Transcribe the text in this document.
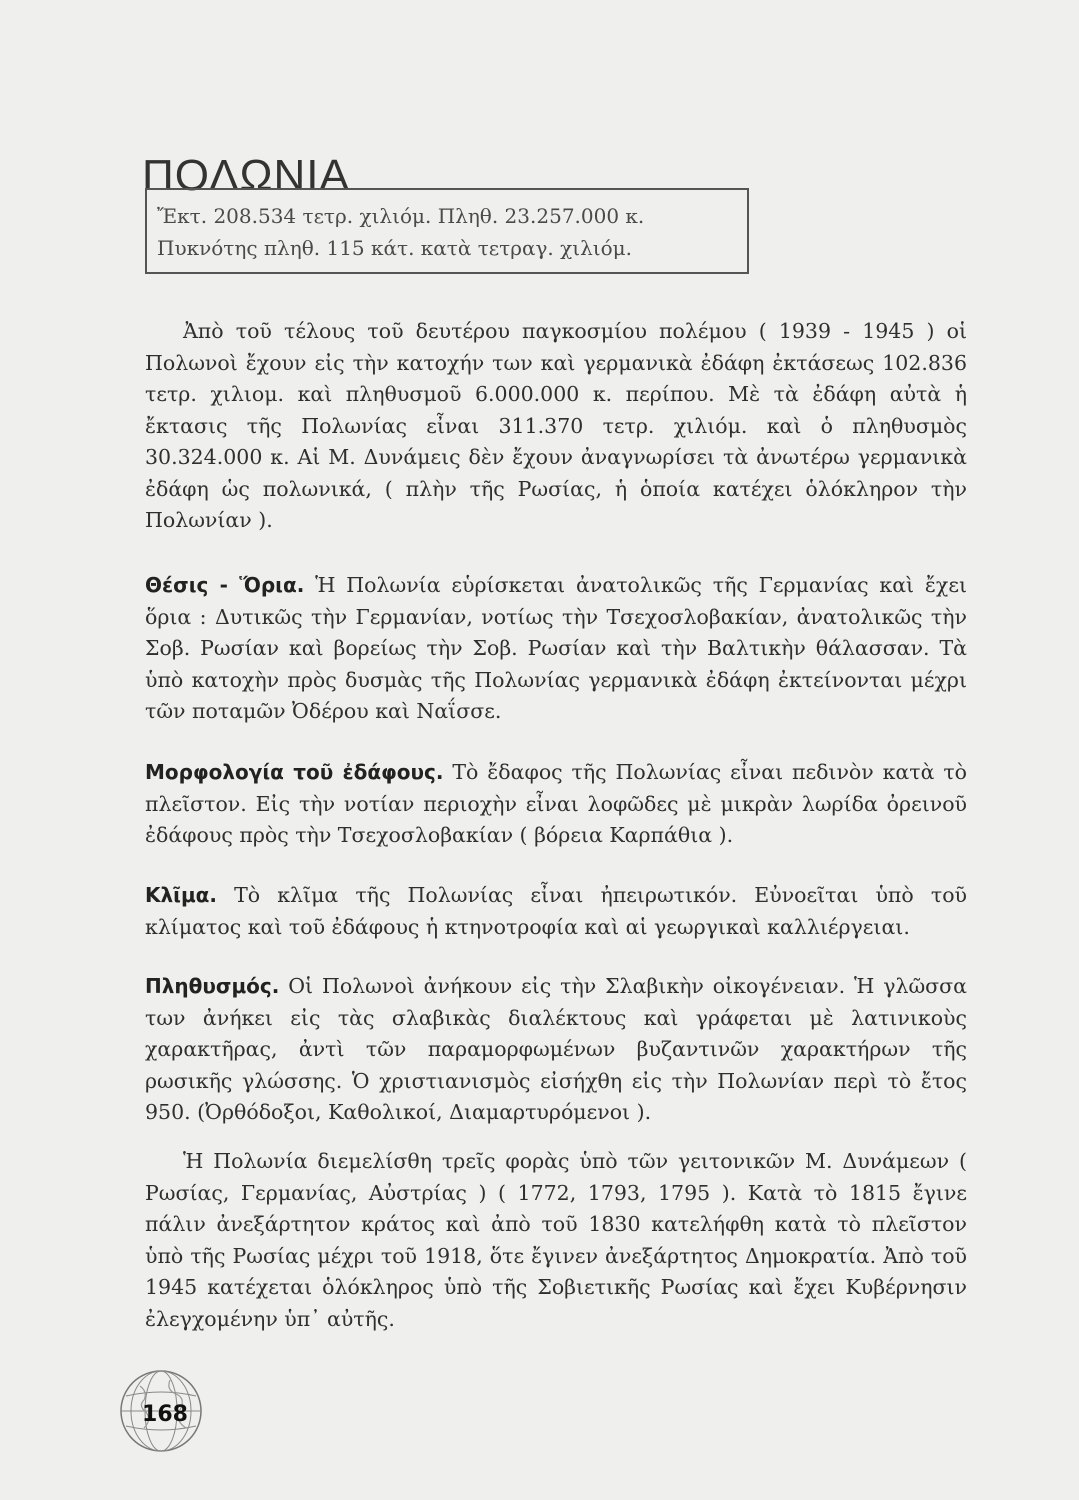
ΠΟΛΩΝΙΑ
Ἔκτ. 208.534 τετρ. χιλιόμ. Πληθ. 23.257.000 κ.
Πυκνότης πληθ. 115 κάτ. κατὰ τετραγ. χιλιόμ.

Ἀπὸ τοῦ τέλους τοῦ δευτέρου παγκοσμίου πολέμου ( 1939 - 1945 ) οἱ Πολωνοὶ ἔχουν εἰς τὴν κατοχήν των καὶ γερμανικὰ ἐδάφη ἐκτάσεως 102.836 τετρ. χιλιομ. καὶ πληθυσμοῦ 6.000.000 κ. περίπου. Μὲ τὰ ἐδάφη αὐτὰ ἡ ἔκτασις τῆς Πολωνίας εἶναι 311.370 τετρ. χιλιόμ. καὶ ὁ πληθυσμὸς 30.324.000 κ. Αἱ Μ. Δυνάμεις δὲν ἔχουν ἀναγνωρίσει τὰ ἀνωτέρω γερμανικὰ ἐδάφη ὡς πολωνικά, ( πλὴν τῆς Ρωσίας, ἡ ὁποία κατέχει ὁλόκληρον τὴν Πολωνίαν ).

Θέσις - Ὅρια. Ἡ Πολωνία εὑρίσκεται ἀνατολικῶς τῆς Γερμανίας καὶ ἔχει ὅρια : Δυτικῶς τὴν Γερμανίαν, νοτίως τὴν Τσεχοσλοβακίαν, ἀνατολικῶς τὴν Σοβ. Ρωσίαν καὶ βορείως τὴν Σοβ. Ρωσίαν καὶ τὴν Βαλτικὴν θάλασσαν. Τὰ ὑπὸ κατοχὴν πρὸς δυσμὰς τῆς Πολωνίας γερμανικὰ ἐδάφη ἐκτείνονται μέχρι τῶν ποταμῶν Ὀδέρου καὶ Ναΐσσε.

Μορφολογία τοῦ ἐδάφους. Τὸ ἔδαφος τῆς Πολωνίας εἶναι πεδινὸν κατὰ τὸ πλεῖστον. Εἰς τὴν νοτίαν περιοχὴν εἶναι λοφῶδες μὲ μικρὰν λωρίδα ὀρεινοῦ ἐδάφους πρὸς τὴν Τσεχοσλοβακίαν ( βόρεια Καρπάθια ).

Κλῖμα. Τὸ κλῖμα τῆς Πολωνίας εἶναι ἠπειρωτικόν. Εὐνοεῖται ὑπὸ τοῦ κλίματος καὶ τοῦ ἐδάφους ἡ κτηνοτροφία καὶ αἱ γεωργικαὶ καλλιέργειαι.

Πληθυσμός. Οἱ Πολωνοὶ ἀνήκουν εἰς τὴν Σλαβικὴν οἰκογένειαν. Ἡ γλῶσσα των ἀνήκει εἰς τὰς σλαβικὰς διαλέκτους καὶ γράφεται μὲ λατινικοὺς χαρακτῆρας, ἀντὶ τῶν παραμορφωμένων βυζαντινῶν χαρακτήρων τῆς ρωσικῆς γλώσσης. Ὁ χριστιανισμὸς εἰσήχθη εἰς τὴν Πολωνίαν περὶ τὸ ἔτος 950. (Ὀρθόδοξοι, Καθολικοί, Διαμαρτυρόμενοι ).

Ἡ Πολωνία διεμελίσθη τρεῖς φορὰς ὑπὸ τῶν γειτονικῶν Μ. Δυνάμεων ( Ρωσίας, Γερμανίας, Αὐστρίας ) ( 1772, 1793, 1795 ). Κατὰ τὸ 1815 ἔγινε πάλιν ἀνεξάρτητον κράτος καὶ ἀπὸ τοῦ 1830 κατελήφθη κατὰ τὸ πλεῖστον ὑπὸ τῆς Ρωσίας μέχρι τοῦ 1918, ὅτε ἔγινεν ἀνεξάρτητος Δημοκρατία. Ἀπὸ τοῦ 1945 κατέχεται ὁλόκληρος ὑπὸ τῆς Σοβιετικῆς Ρωσίας καὶ ἔχει Κυβέρνησιν ἐλεγχομένην ὑπ᾿ αὐτῆς.

168
